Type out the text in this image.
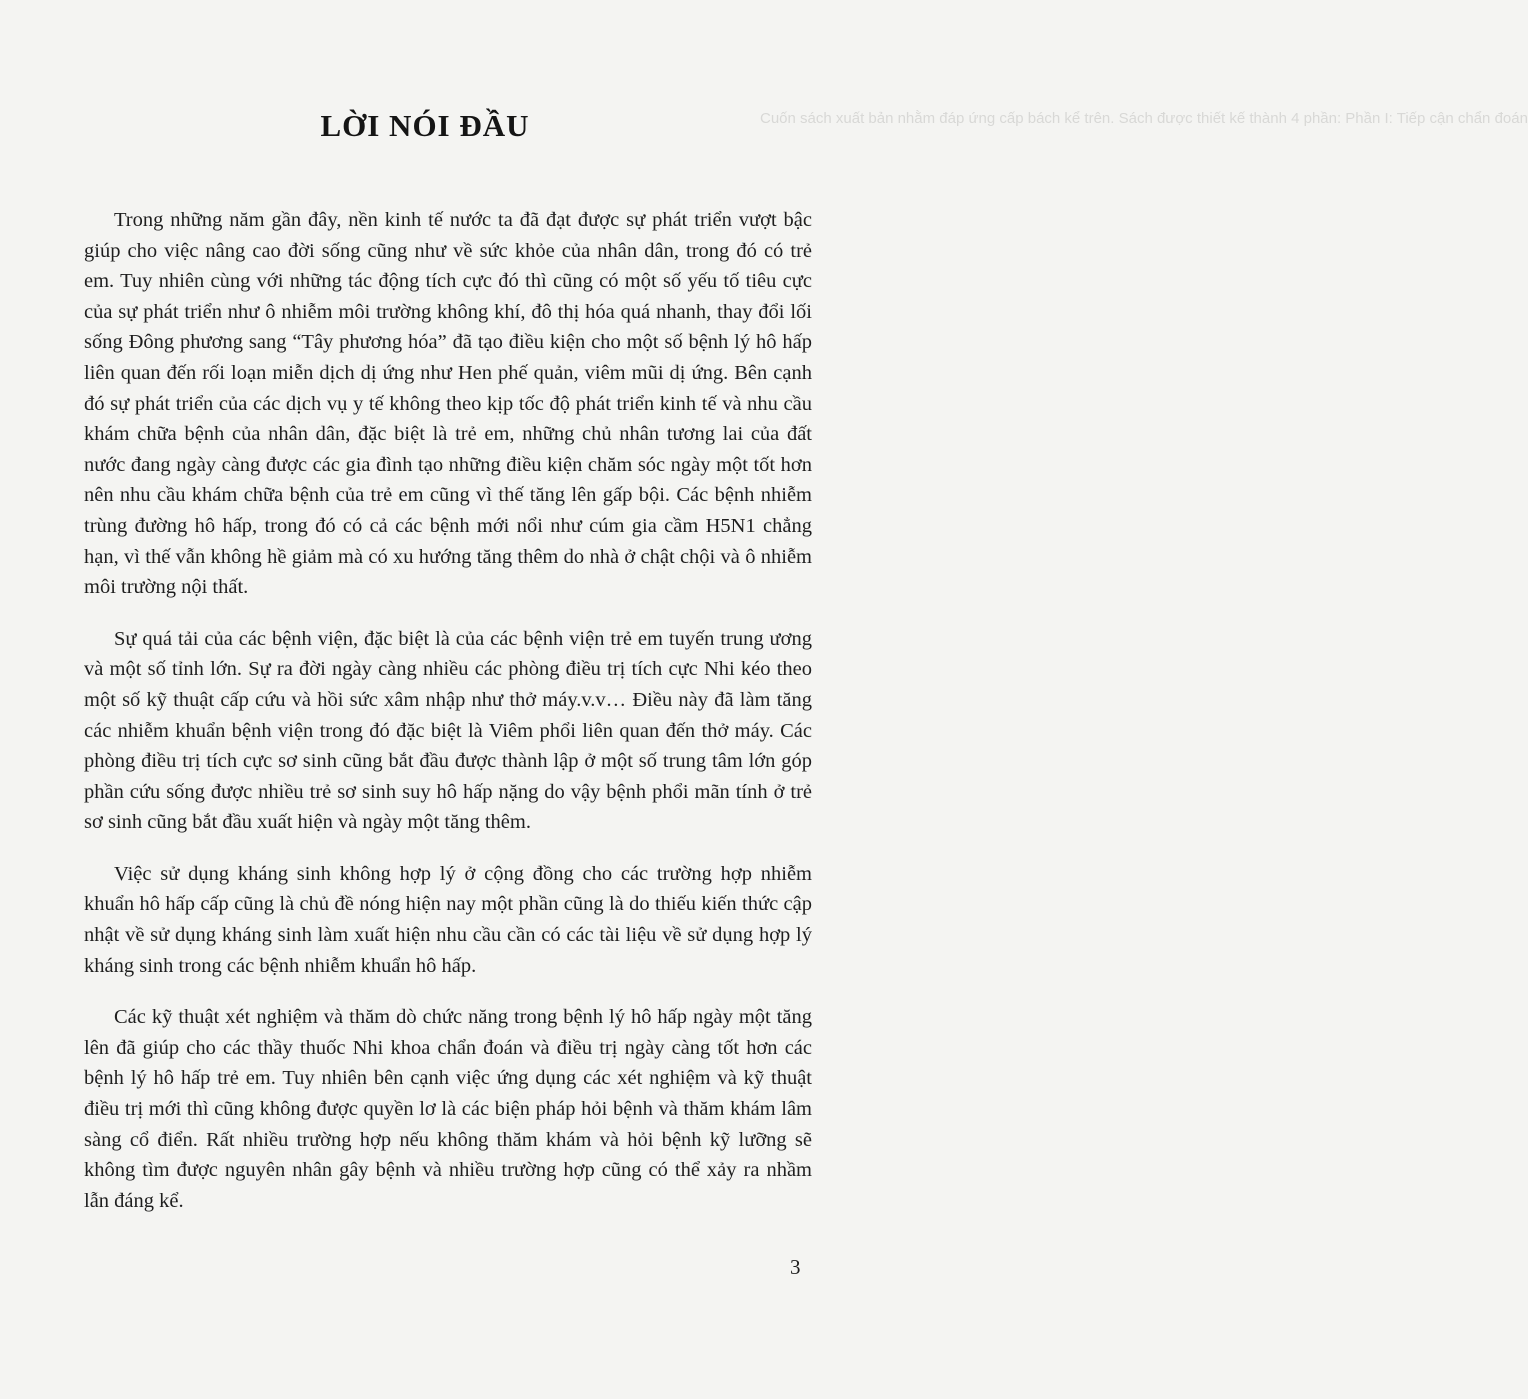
Cuốn sách xuất bản nhằm đáp ứng cấp bách kể trên. Sách được thiết kế thành 4 phần: Phần I: Tiếp cận chẩn đoán
LỜI NÓI ĐẦU

Trong những năm gần đây, nền kinh tế nước ta đã đạt được sự phát triển vượt bậc giúp cho việc nâng cao đời sống cũng như về sức khỏe của nhân dân, trong đó có trẻ em. Tuy nhiên cùng với những tác động tích cực đó thì cũng có một số yếu tố tiêu cực của sự phát triển như ô nhiễm môi trường không khí, đô thị hóa quá nhanh, thay đổi lối sống Đông phương sang “Tây phương hóa” đã tạo điều kiện cho một số bệnh lý hô hấp liên quan đến rối loạn miễn dịch dị ứng như Hen phế quản, viêm mũi dị ứng. Bên cạnh đó sự phát triển của các dịch vụ y tế không theo kịp tốc độ phát triển kinh tế và nhu cầu khám chữa bệnh của nhân dân, đặc biệt là trẻ em, những chủ nhân tương lai của đất nước đang ngày càng được các gia đình tạo những điều kiện chăm sóc ngày một tốt hơn nên nhu cầu khám chữa bệnh của trẻ em cũng vì thế tăng lên gấp bội. Các bệnh nhiễm trùng đường hô hấp, trong đó có cả các bệnh mới nổi như cúm gia cầm H5N1 chẳng hạn, vì thế vẫn không hề giảm mà có xu hướng tăng thêm do nhà ở chật chội và ô nhiễm môi trường nội thất.

Sự quá tải của các bệnh viện, đặc biệt là của các bệnh viện trẻ em tuyến trung ương và một số tỉnh lớn. Sự ra đời ngày càng nhiều các phòng điều trị tích cực Nhi kéo theo một số kỹ thuật cấp cứu và hồi sức xâm nhập như thở máy.v.v… Điều này đã làm tăng các nhiễm khuẩn bệnh viện trong đó đặc biệt là Viêm phổi liên quan đến thở máy. Các phòng điều trị tích cực sơ sinh cũng bắt đầu được thành lập ở một số trung tâm lớn góp phần cứu sống được nhiều trẻ sơ sinh suy hô hấp nặng do vậy bệnh phổi mãn tính ở trẻ sơ sinh cũng bắt đầu xuất hiện và ngày một tăng thêm.

Việc sử dụng kháng sinh không hợp lý ở cộng đồng cho các trường hợp nhiễm khuẩn hô hấp cấp cũng là chủ đề nóng hiện nay một phần cũng là do thiếu kiến thức cập nhật về sử dụng kháng sinh làm xuất hiện nhu cầu cần có các tài liệu về sử dụng hợp lý kháng sinh trong các bệnh nhiễm khuẩn hô hấp.

Các kỹ thuật xét nghiệm và thăm dò chức năng trong bệnh lý hô hấp ngày một tăng lên đã giúp cho các thầy thuốc Nhi khoa chẩn đoán và điều trị ngày càng tốt hơn các bệnh lý hô hấp trẻ em. Tuy nhiên bên cạnh việc ứng dụng các xét nghiệm và kỹ thuật điều trị mới thì cũng không được quyền lơ là các biện pháp hỏi bệnh và thăm khám lâm sàng cổ điển. Rất nhiều trường hợp nếu không thăm khám và hỏi bệnh kỹ lưỡng sẽ không tìm được nguyên nhân gây bệnh và nhiều trường hợp cũng có thể xảy ra nhầm lẫn đáng kể.

3
